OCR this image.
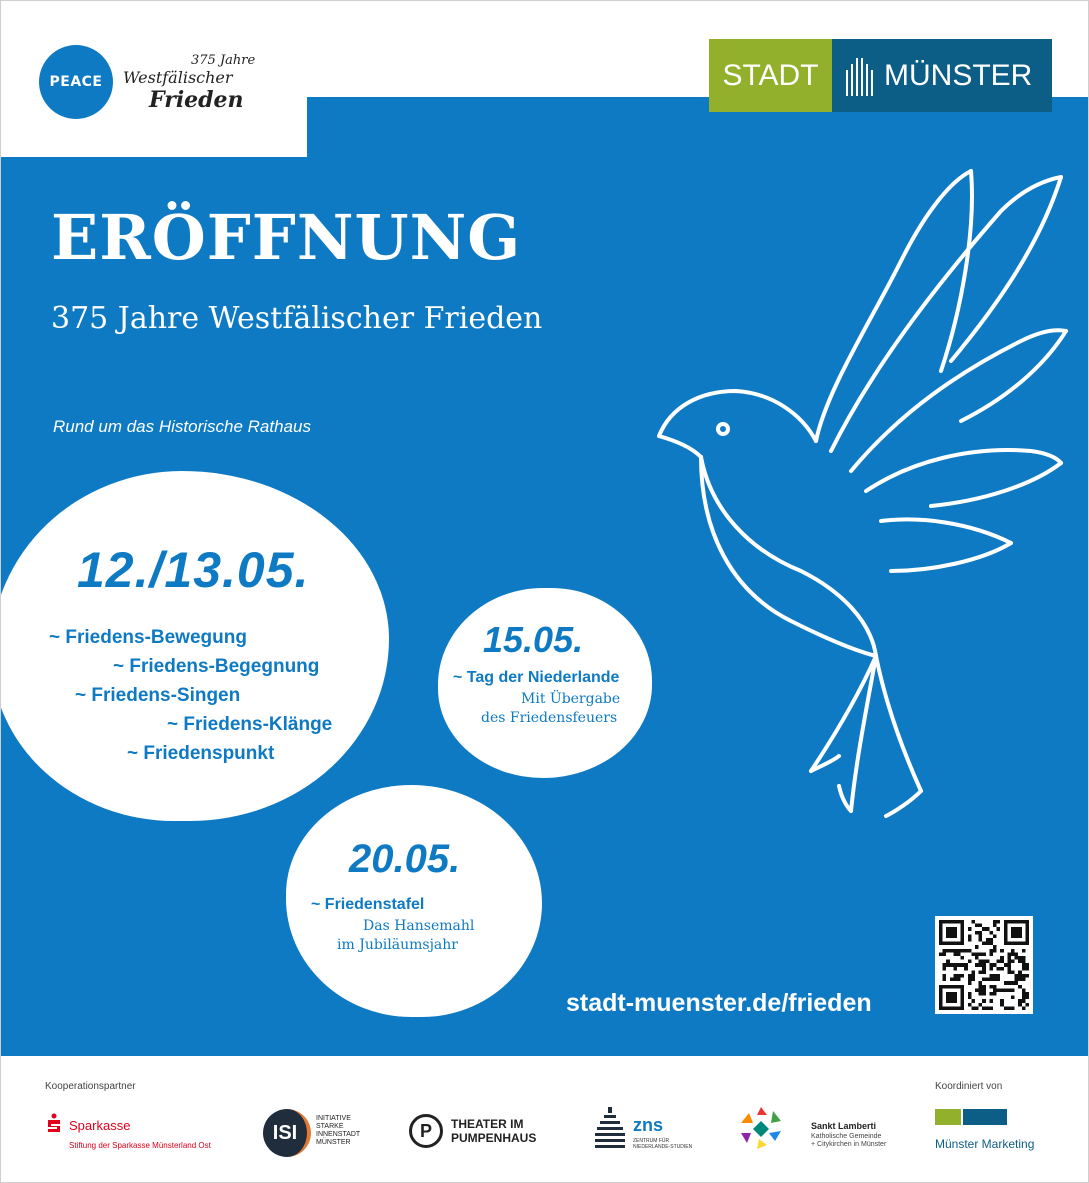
PEACE
375 Jahre
Westfälischer
Frieden
STADT	MÜNSTER
ERÖFFNUNG
375 Jahre Westfälischer Frieden
Rund um das Historische Rathaus
12./13.05.
~ Friedens-Bewegung
~ Friedens-Begegnung
~ Friedens-Singen
~ Friedens-Klänge
~ Friedenspunkt
15.05.
~ Tag der Niederlande
Mit Übergabe
des Friedensfeuers
20.05.
~ Friedenstafel
Das Hansemahl
im Jubiläumsjahr
stadt-muenster.de/frieden
Kooperationspartner	Koordiniert von
Sparkasse
Stiftung der Sparkasse Münsterland Ost
ISI
INITIATIVE STARKE INNENSTADT MÜNSTER
P	THEATER IM
PUMPENHAUS
zns
ZENTRUM FÜR
NIEDERLANDE-STUDIEN
Sankt Lamberti
Katholische Gemeinde
+ Citykirchen in Münster	Münster Marketing
